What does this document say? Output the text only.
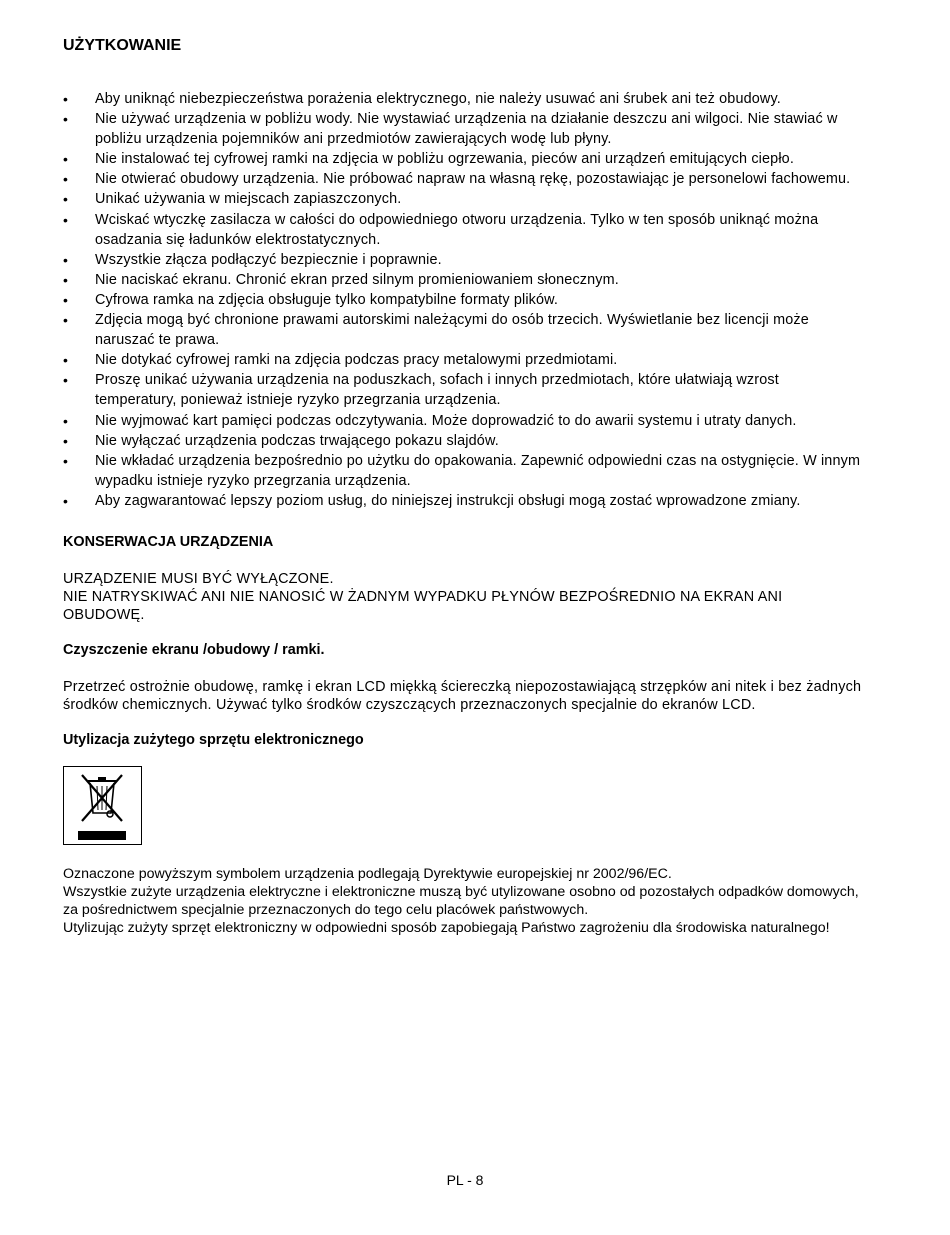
UŻYTKOWANIE
• Aby uniknąć niebezpieczeństwa porażenia elektrycznego, nie należy usuwać ani śrubek ani też obudowy.
• Nie używać urządzenia w pobliżu wody. Nie wystawiać urządzenia na działanie deszczu ani wilgoci. Nie stawiać w pobliżu urządzenia pojemników ani przedmiotów zawierających wodę lub płyny.
• Nie instalować tej cyfrowej ramki na zdjęcia w pobliżu ogrzewania, pieców ani urządzeń emitujących ciepło.
• Nie otwierać obudowy urządzenia. Nie próbować napraw na własną rękę, pozostawiając je personelowi fachowemu.
• Unikać używania w miejscach zapiaszczonych.
• Wciskać wtyczkę zasilacza w całości do odpowiedniego otworu urządzenia. Tylko w ten sposób uniknąć można osadzania się ładunków elektrostatycznych.
• Wszystkie złącza podłączyć bezpiecznie i poprawnie.
• Nie naciskać ekranu. Chronić ekran przed silnym promieniowaniem słonecznym.
• Cyfrowa ramka na zdjęcia obsługuje tylko kompatybilne formaty plików.
• Zdjęcia mogą być chronione prawami autorskimi należącymi do osób trzecich. Wyświetlanie bez licencji może naruszać te prawa.
• Nie dotykać cyfrowej ramki na zdjęcia podczas pracy metalowymi przedmiotami.
• Proszę unikać używania urządzenia na poduszkach, sofach i innych przedmiotach, które ułatwiają wzrost temperatury, ponieważ istnieje ryzyko przegrzania urządzenia.
• Nie wyjmować kart pamięci podczas odczytywania. Może doprowadzić to do awarii systemu i utraty danych.
• Nie wyłączać urządzenia podczas trwającego pokazu slajdów.
• Nie wkładać urządzenia bezpośrednio po użytku do opakowania. Zapewnić odpowiedni czas na ostygnięcie. W innym wypadku istnieje ryzyko przegrzania urządzenia.
• Aby zagwarantować lepszy poziom usług, do niniejszej instrukcji obsługi mogą zostać wprowadzone zmiany.
KONSERWACJA URZĄDZENIA

URZĄDZENIE MUSI BYĆ WYŁĄCZONE.

NIE NATRYSKIWAĆ ANI NIE NANOSIĆ W ŻADNYM WYPADKU PŁYNÓW BEZPOŚREDNIO NA EKRAN ANI OBUDOWĘ.

Czyszczenie ekranu /obudowy / ramki.

Przetrzeć ostrożnie obudowę, ramkę i ekran LCD miękką ściereczką niepozostawiającą strzępków ani nitek i bez żadnych środków chemicznych. Używać tylko środków czyszczących przeznaczonych specjalnie do ekranów LCD.

Utylizacja zużytego sprzętu elektronicznego

Oznaczone powyższym symbolem urządzenia podlegają Dyrektywie europejskiej nr 2002/96/EC.

Wszystkie zużyte urządzenia elektryczne i elektroniczne muszą być utylizowane osobno od pozostałych odpadków domowych, za pośrednictwem specjalnie przeznaczonych do tego celu placówek państwowych.

Utylizując zużyty sprzęt elektroniczny w odpowiedni sposób zapobiegają Państwo zagrożeniu dla środowiska naturalnego!

PL - 8
